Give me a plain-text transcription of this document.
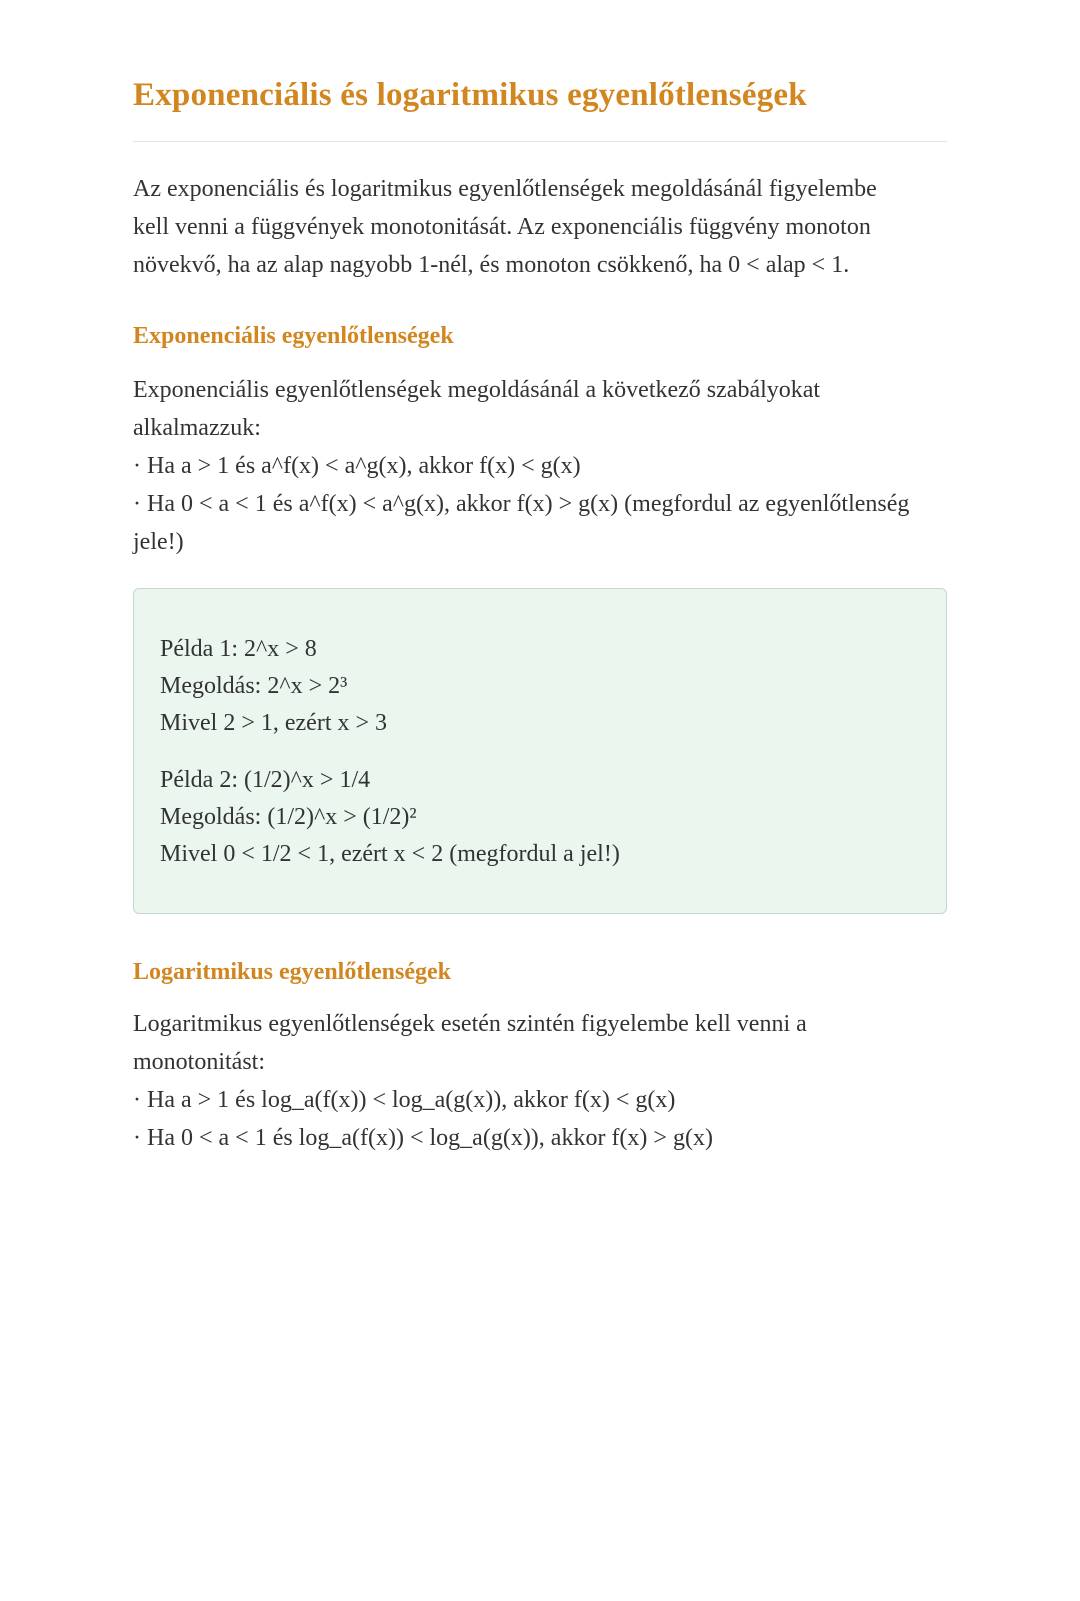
Exponenciális és logaritmikus egyenlőtlenségek
Az exponenciális és logaritmikus egyenlőtlenségek megoldásánál figyelembe
kell venni a függvények monotonitását. Az exponenciális függvény monoton
növekvő, ha az alap nagyobb 1-nél, és monoton csökkenő, ha 0 < alap < 1.
Exponenciális egyenlőtlenségek
Exponenciális egyenlőtlenségek megoldásánál a következő szabályokat
alkalmazzuk:
· Ha a > 1 és a^f(x) < a^g(x), akkor f(x) < g(x)
· Ha 0 < a < 1 és a^f(x) < a^g(x), akkor f(x) > g(x) (megfordul az egyenlőtlenség
jele!)
Példa 1: 2^x > 8
Megoldás: 2^x > 2³
Mivel 2 > 1, ezért x > 3
Példa 2: (1/2)^x > 1/4
Megoldás: (1/2)^x > (1/2)²
Mivel 0 < 1/2 < 1, ezért x < 2 (megfordul a jel!)
Logaritmikus egyenlőtlenségek
Logaritmikus egyenlőtlenségek esetén szintén figyelembe kell venni a
monotonitást:
· Ha a > 1 és log_a(f(x)) < log_a(g(x)), akkor f(x) < g(x)
· Ha 0 < a < 1 és log_a(f(x)) < log_a(g(x)), akkor f(x) > g(x)
